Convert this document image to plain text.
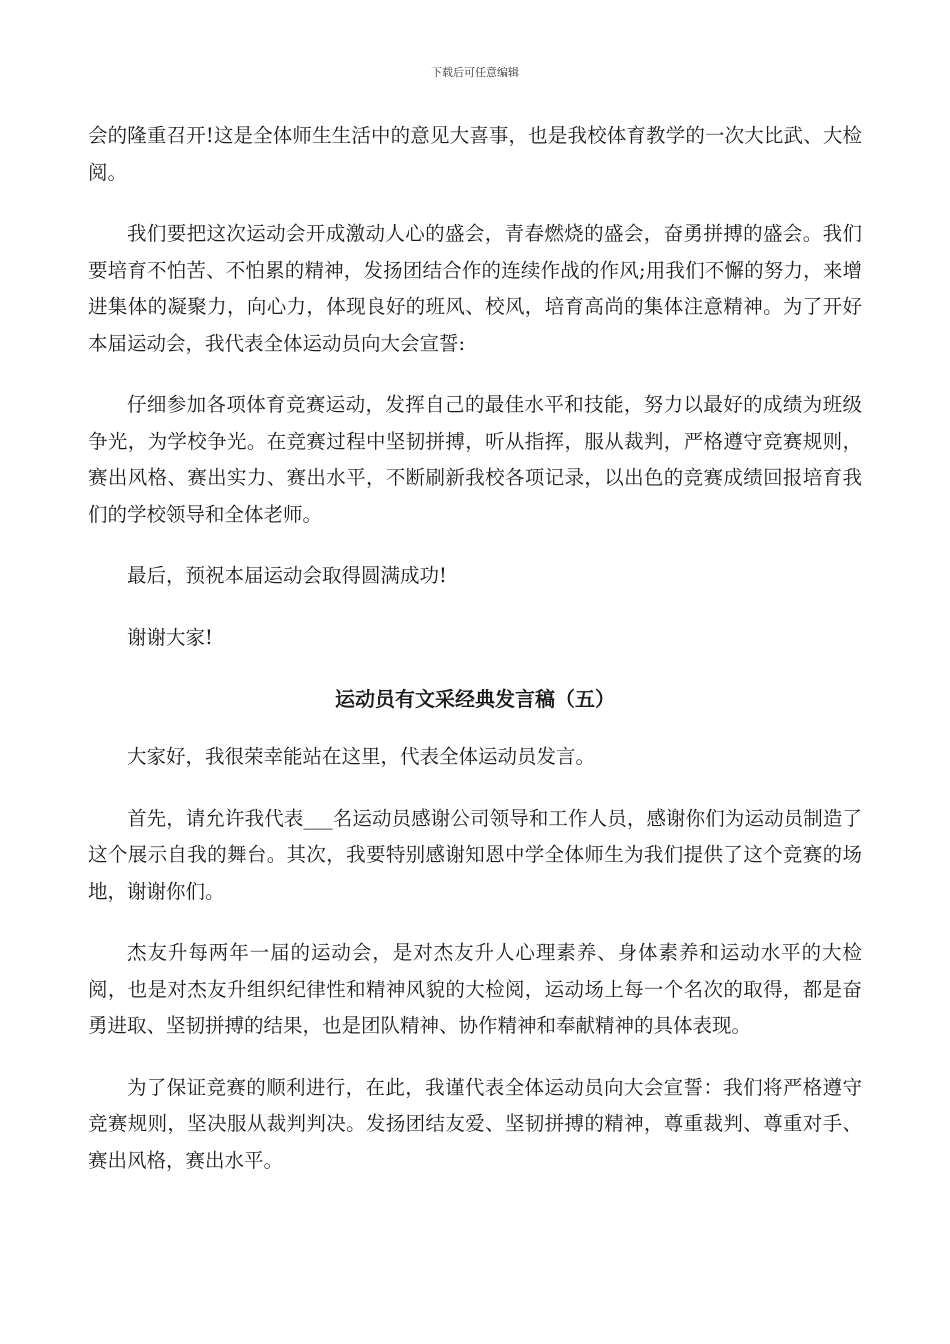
下载后可任意编辑

会的隆重召开!这是全体师生生活中的意见大喜事，也是我校体育教学的一次大比武、大检阅。

我们要把这次运动会开成激动人心的盛会，青春燃烧的盛会，奋勇拼搏的盛会。我们要培育不怕苦、不怕累的精神，发扬团结合作的连续作战的作风;用我们不懈的努力，来增进集体的凝聚力，向心力，体现良好的班风、校风，培育高尚的集体注意精神。为了开好本届运动会，我代表全体运动员向大会宣誓:

仔细参加各项体育竞赛运动，发挥自己的最佳水平和技能，努力以最好的成绩为班级争光，为学校争光。在竞赛过程中坚韧拼搏，听从指挥，服从裁判，严格遵守竞赛规则，赛出风格、赛出实力、赛出水平，不断刷新我校各项记录，以出色的竞赛成绩回报培育我们的学校领导和全体老师。

最后，预祝本届运动会取得圆满成功!

谢谢大家!

运动员有文采经典发言稿（五）

大家好，我很荣幸能站在这里，代表全体运动员发言。

首先，请允许我代表___名运动员感谢公司领导和工作人员，感谢你们为运动员制造了这个展示自我的舞台。其次，我要特别感谢知恩中学全体师生为我们提供了这个竞赛的场地，谢谢你们。

杰友升每两年一届的运动会，是对杰友升人心理素养、身体素养和运动水平的大检阅，也是对杰友升组织纪律性和精神风貌的大检阅，运动场上每一个名次的取得，都是奋勇进取、坚韧拼搏的结果，也是团队精神、协作精神和奉献精神的具体表现。

为了保证竞赛的顺利进行，在此，我谨代表全体运动员向大会宣誓：我们将严格遵守竞赛规则，坚决服从裁判判决。发扬团结友爱、坚韧拼搏的精神，尊重裁判、尊重对手、赛出风格，赛出水平。
